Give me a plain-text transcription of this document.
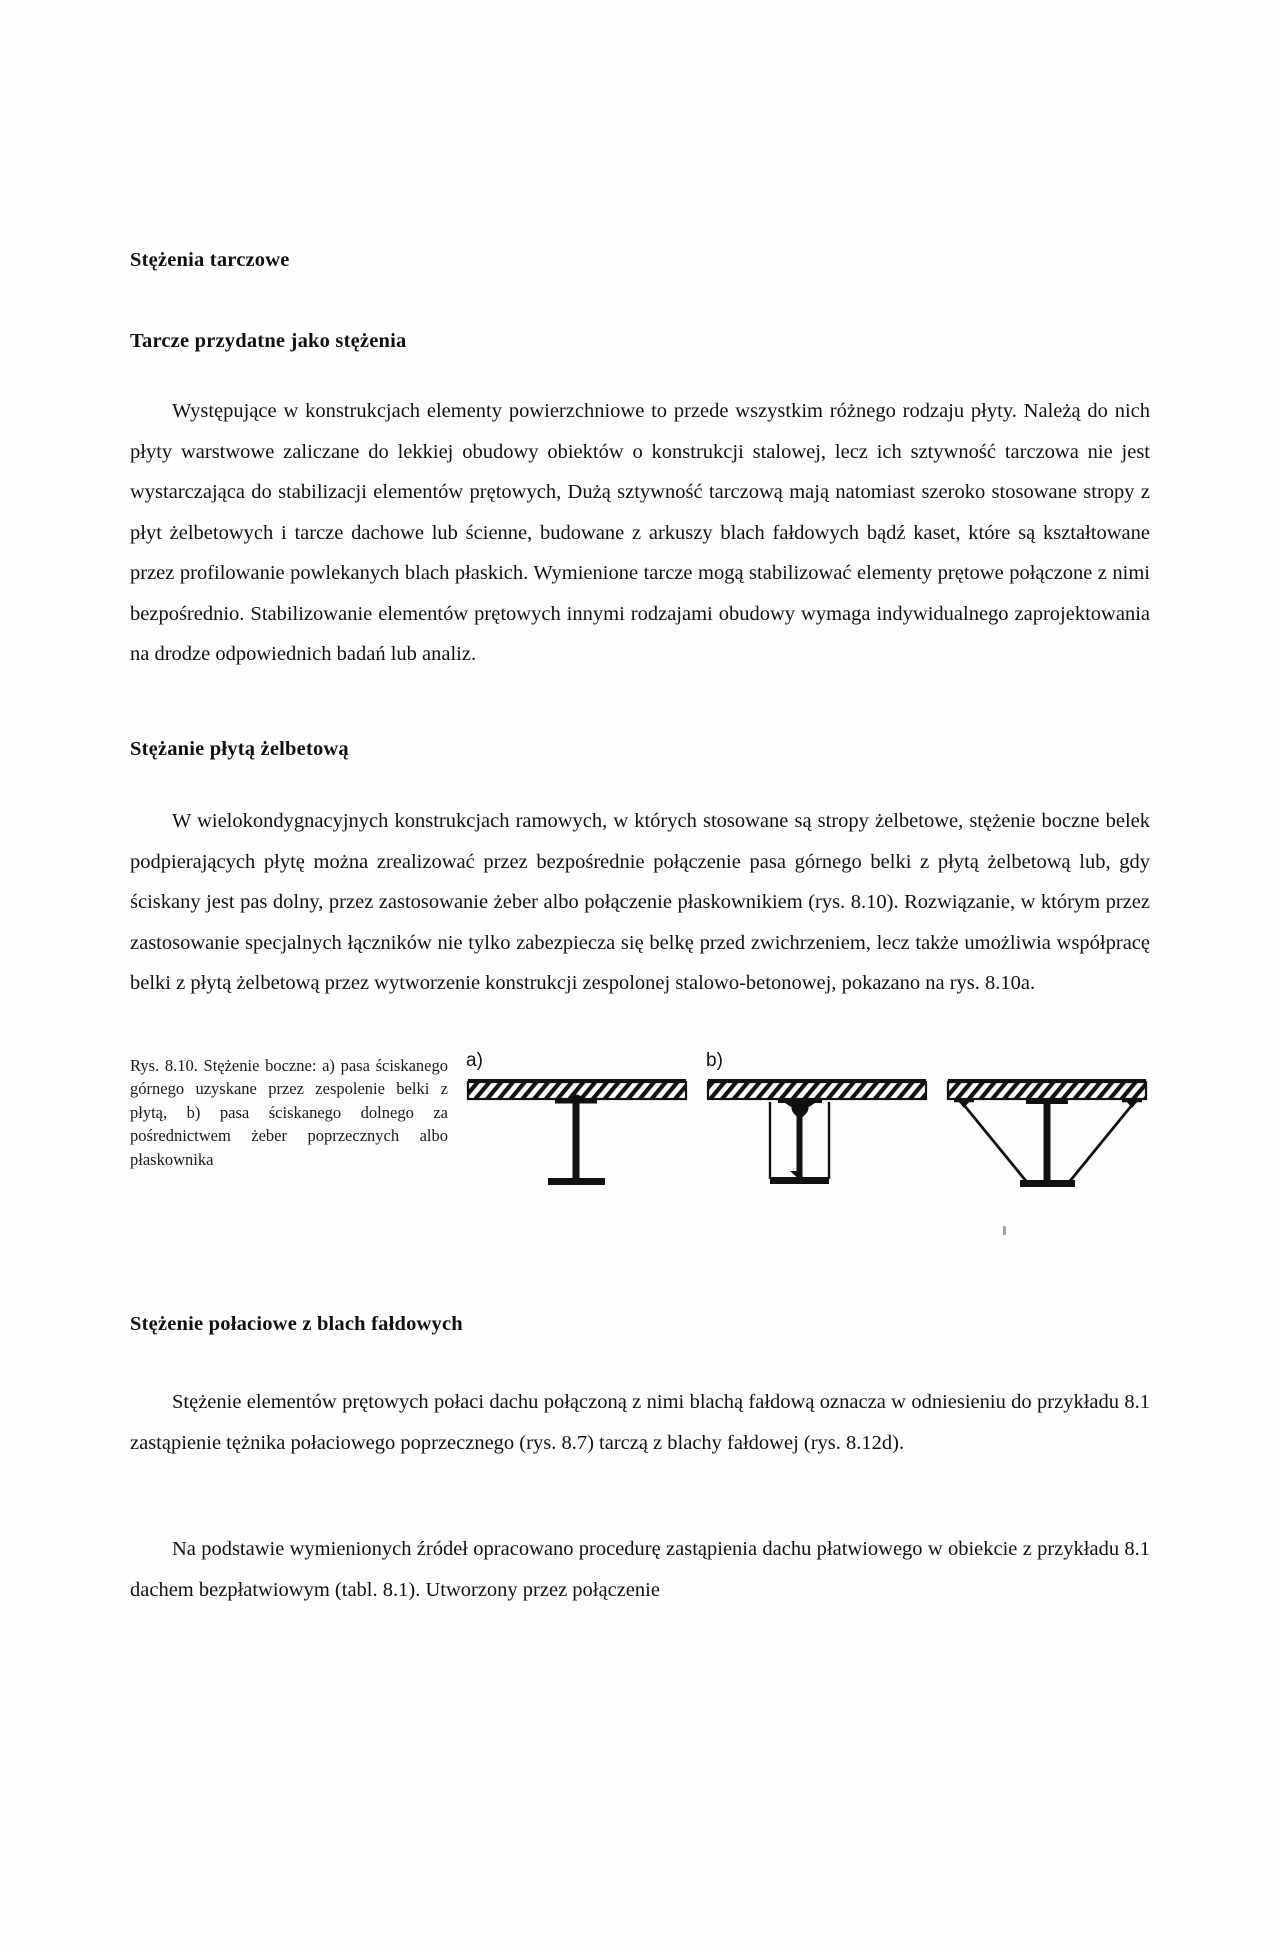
Stężenia tarczowe
Tarcze przydatne jako stężenia

Występujące w konstrukcjach elementy powierzchniowe to przede wszystkim różnego rodzaju płyty. Należą do nich płyty warstwowe zaliczane do lekkiej obudowy obiektów o konstrukcji stalowej, lecz ich sztywność tarczowa nie jest wystarczająca do stabilizacji elementów prętowych, Dużą sztywność tarczową mają natomiast szeroko stosowane stropy z płyt żelbetowych i tarcze dachowe lub ścienne, budowane z arkuszy blach fałdowych bądź kaset, które są kształtowane przez profilowanie powlekanych blach płaskich. Wymienione tarcze mogą stabilizować elementy prętowe połączone z nimi bezpośrednio. Stabilizowanie elementów prętowych innymi rodzajami obudowy wymaga indywidualnego zaprojektowania na drodze odpowiednich badań lub analiz.

Stężanie płytą żelbetową

W wielokondygnacyjnych konstrukcjach ramowych, w których stosowane są stropy żelbetowe, stężenie boczne belek podpierających płytę można zrealizować przez bezpośrednie połączenie pasa górnego belki z płytą żelbetową lub, gdy ściskany jest pas dolny, przez zastosowanie żeber albo połączenie płaskownikiem (rys. 8.10). Rozwiązanie, w którym przez zastosowanie specjalnych łączników nie tylko zabezpiecza się belkę przed zwichrzeniem, lecz także umożliwia współpracę belki z płytą żelbetową przez wytworzenie konstrukcji zespolonej stalowo-betonowej, pokazano na rys. 8.10a.

Rys. 8.10. Stężenie boczne: a) pasa ściskanego górnego uzyskane przez zespolenie belki z płytą, b) pasa ściskanego dolnego za pośrednictwem żeber poprzecznych albo płaskownika
a)	b)
Stężenie połaciowe z blach fałdowych

Stężenie elementów prętowych połaci dachu połączoną z nimi blachą fałdową oznacza w odniesieniu do przykładu 8.1 zastąpienie tężnika połaciowego poprzecznego (rys. 8.7) tarczą z blachy fałdowej (rys. 8.12d).

Na podstawie wymienionych źródeł opracowano procedurę zastąpienia dachu płatwiowego w obiekcie z przykładu 8.1 dachem bezpłatwiowym (tabl. 8.1). Utworzony przez połączenie
